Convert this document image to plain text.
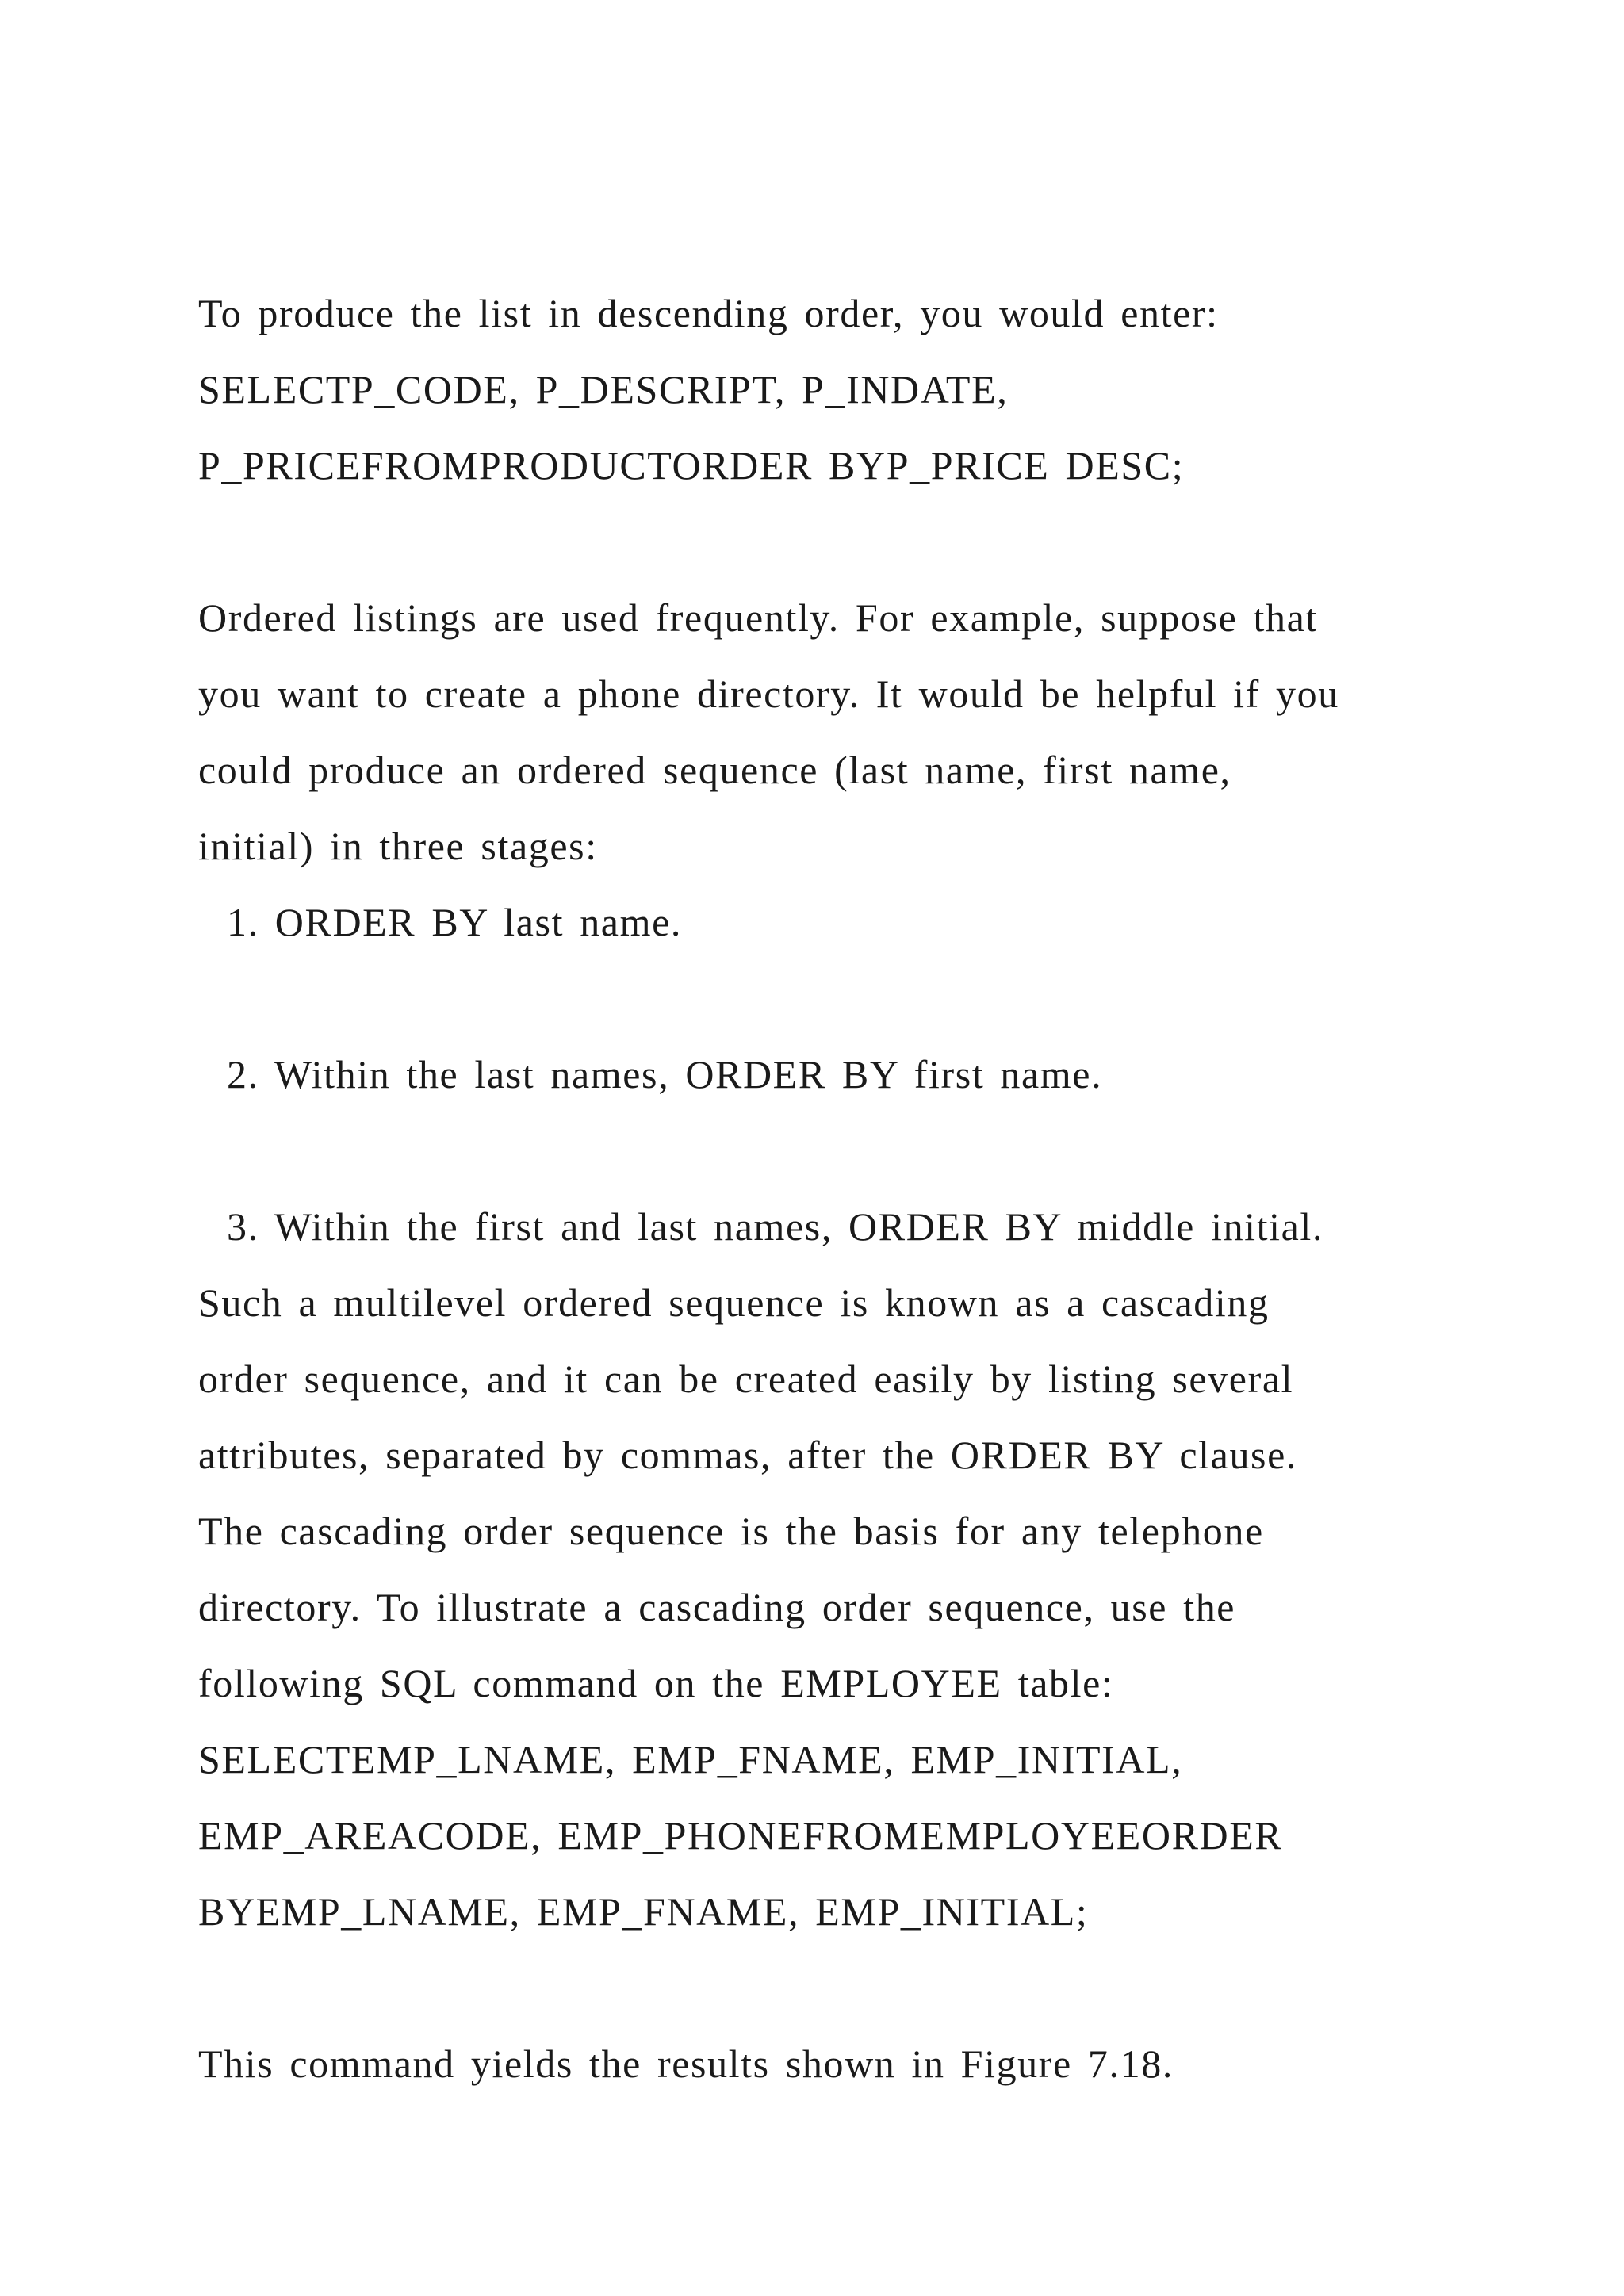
To produce the list in descending order, you would enter:
SELECTP_CODE, P_DESCRIPT, P_INDATE,
P_PRICEFROMPRODUCTORDER BYP_PRICE DESC;
Ordered listings are used frequently. For example, suppose that
you want to create a phone directory. It would be helpful if you
could produce an ordered sequence (last name, first name,
initial) in three stages:
1. ORDER BY last name.
2. Within the last names, ORDER BY first name.
3. Within the first and last names, ORDER BY middle initial.
Such a multilevel ordered sequence is known as a cascading
order sequence, and it can be created easily by listing several
attributes, separated by commas, after the ORDER BY clause.
The cascading order sequence is the basis for any telephone
directory. To illustrate a cascading order sequence, use the
following SQL command on the EMPLOYEE table:
SELECTEMP_LNAME, EMP_FNAME, EMP_INITIAL,
EMP_AREACODE, EMP_PHONEFROMEMPLOYEEORDER
BYEMP_LNAME, EMP_FNAME, EMP_INITIAL;
This command yields the results shown in Figure 7.18.
